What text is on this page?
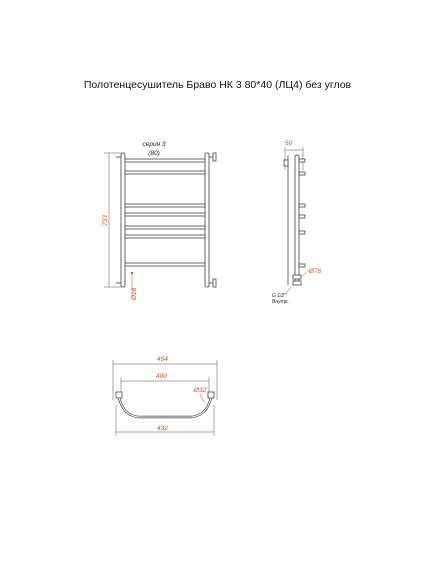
Полотенцесушитель Браво НК 3 80*40 (ЛЦ4) без углов
серия 3
(80)
733
Ø18
50
Ø75
G 1/2"
Внутр.
454
400
Ø32
432
